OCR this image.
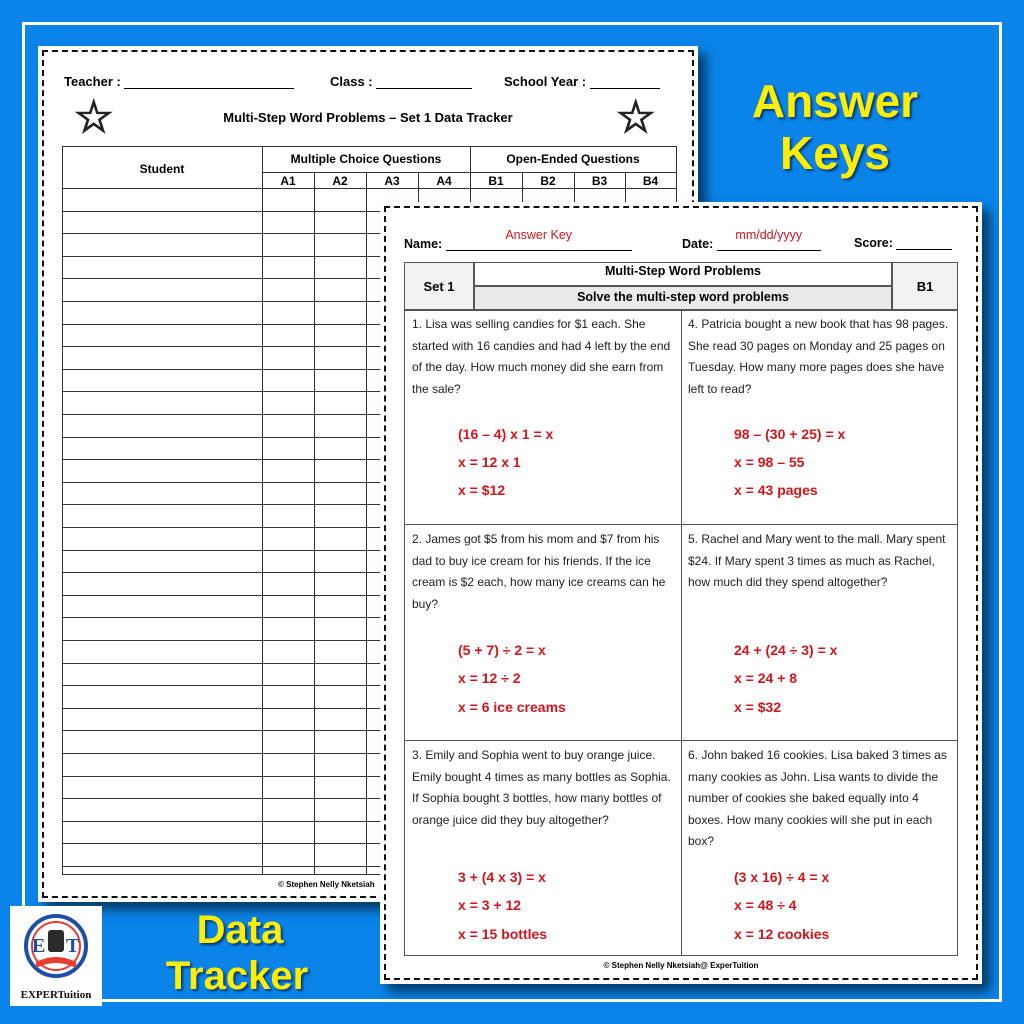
Answer
Keys
Teacher :	Class :	School Year :
☆	☆
Multi-Step Word Problems – Set 1 Data Tracker
Student
Multiple Choice Questions	Open-Ended Questions
A1	A2	A3	A4	B1	B2	B3	B4
© Stephen Nelly Nketsiah
Name: Answer Key
Date: mm/dd/yyyy
Score:
Set 1
Multi-Step Word Problems
Solve the multi-step word problems
B1
1. Lisa was selling candies for $1 each. She started with 16 candies and had 4 left by the end of the day. How much money did she earn from the sale?
(16 – 4) x 1 = x
x = 12 x 1
x = $12
4. Patricia bought a new book that has 98 pages. She read 30 pages on Monday and 25 pages on Tuesday. How many more pages does she have left to read?
98 – (30 + 25) = x
x = 98 – 55
x = 43 pages
2. James got $5 from his mom and $7 from his dad to buy ice cream for his friends. If the ice cream is $2 each, how many ice creams can he buy?
(5 + 7) ÷ 2 = x
x = 12 ÷ 2
x = 6 ice creams
5. Rachel and Mary went to the mall. Mary spent $24. If Mary spent 3 times as much as Rachel, how much did they spend altogether?
24 + (24 ÷ 3) = x
x = 24 + 8
x = $32
3. Emily and Sophia went to buy orange juice. Emily bought 4 times as many bottles as Sophia. If Sophia bought 3 bottles, how many bottles of orange juice did they buy altogether?
3 + (4 x 3) = x
x = 3 + 12
x = 15 bottles
6. John baked 16 cookies. Lisa baked 3 times as many cookies as John. Lisa wants to divide the number of cookies she baked equally into 4 boxes. How many cookies will she put in each box?
(3 x 16) ÷ 4 = x
x = 48 ÷ 4
x = 12 cookies
© Stephen Nelly Nketsiah@ ExperTuition
Data
Tracker
E T
EXPERTuition
